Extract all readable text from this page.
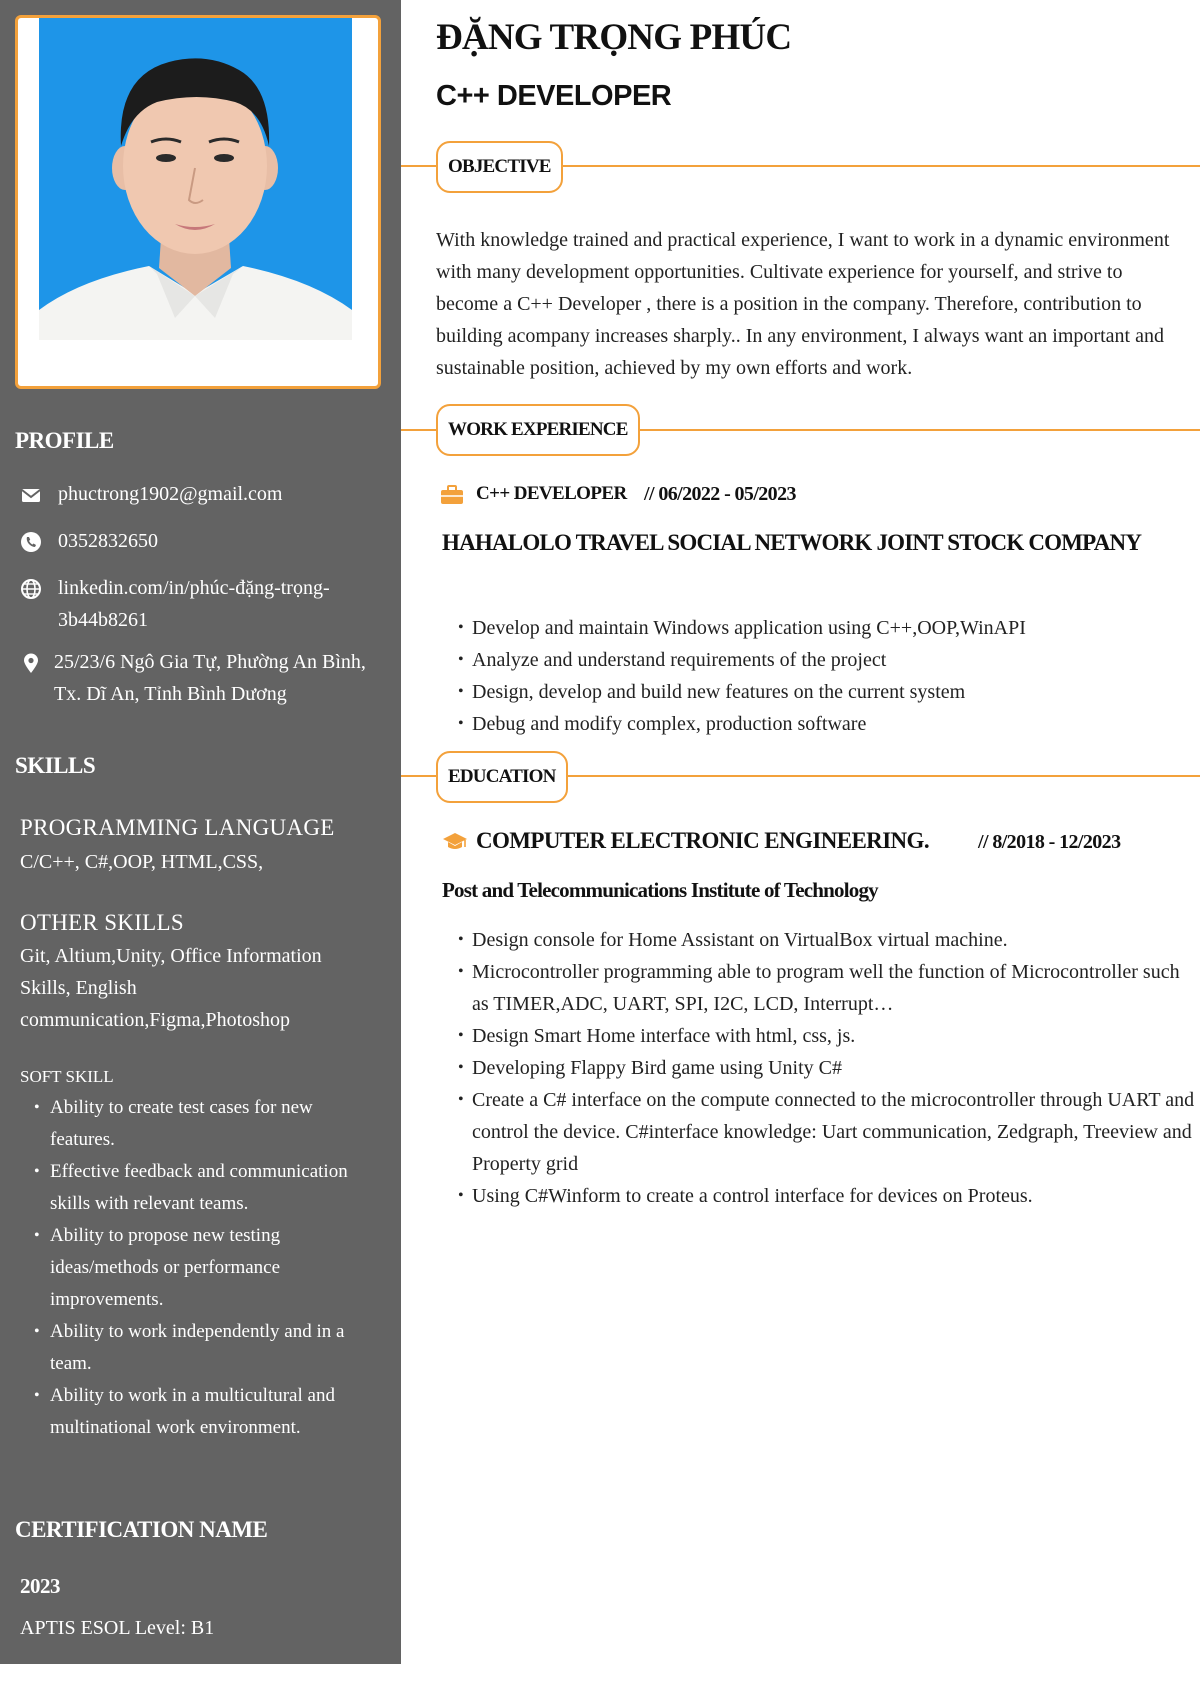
PROFILE
phuctrong1902@gmail.com
0352832650
linkedin.com/in/phúc-đặng-trọng-3b44b8261
25/23/6 Ngô Gia Tự, Phường An Bình, Tx. Dĩ An, Tỉnh Bình Dương
SKILLS

PROGRAMMING LANGUAGE

C/C++, C#,OOP, HTML,CSS,

OTHER SKILLS

Git, Altium,Unity, Office Information Skills, English communication,Figma,Photoshop

SOFT SKILL

• Ability to create test cases for new features.
• Effective feedback and communication skills with relevant teams.
• Ability to propose new testing ideas/methods or performance improvements.
• Ability to work independently and in a team.
• Ability to work in a multicultural and multinational work environment.
CERTIFICATION NAME

2023

APTIS ESOL Level: B1

ĐẶNG TRỌNG PHÚC
C++ DEVELOPER
OBJECTIVE

With knowledge trained and practical experience, I want to work in a dynamic environment with many development opportunities. Cultivate experience for yourself, and strive to become a C++ Developer , there is a position in the company. Therefore, contribution to building acompany increases sharply.. In any environment, I always want an important and sustainable position, achieved by my own efforts and work.

WORK EXPERIENCE
C++ DEVELOPER // 06/2022 - 05/2023

HAHALOLO TRAVEL SOCIAL NETWORK JOINT STOCK COMPANY

• Develop and maintain Windows application using C++,OOP,WinAPI
• Analyze and understand requirements of the project
• Design, develop and build new features on the current system
• Debug and modify complex, production software
EDUCATION
COMPUTER ELECTRONIC ENGINEERING. // 8/2018 - 12/2023

Post and Telecommunications Institute of Technology

• Design console for Home Assistant on VirtualBox virtual machine.
• Microcontroller programming able to program well the function of Microcontroller such as TIMER,ADC, UART, SPI, I2C, LCD, Interrupt…
• Design Smart Home interface with html, css, js.
• Developing Flappy Bird game using Unity C#
• Create a C# interface on the compute connected to the microcontroller through UART and control the device. C#interface knowledge: Uart communication, Zedgraph, Treeview and Property grid
• Using C#Winform to create a control interface for devices on Proteus.
